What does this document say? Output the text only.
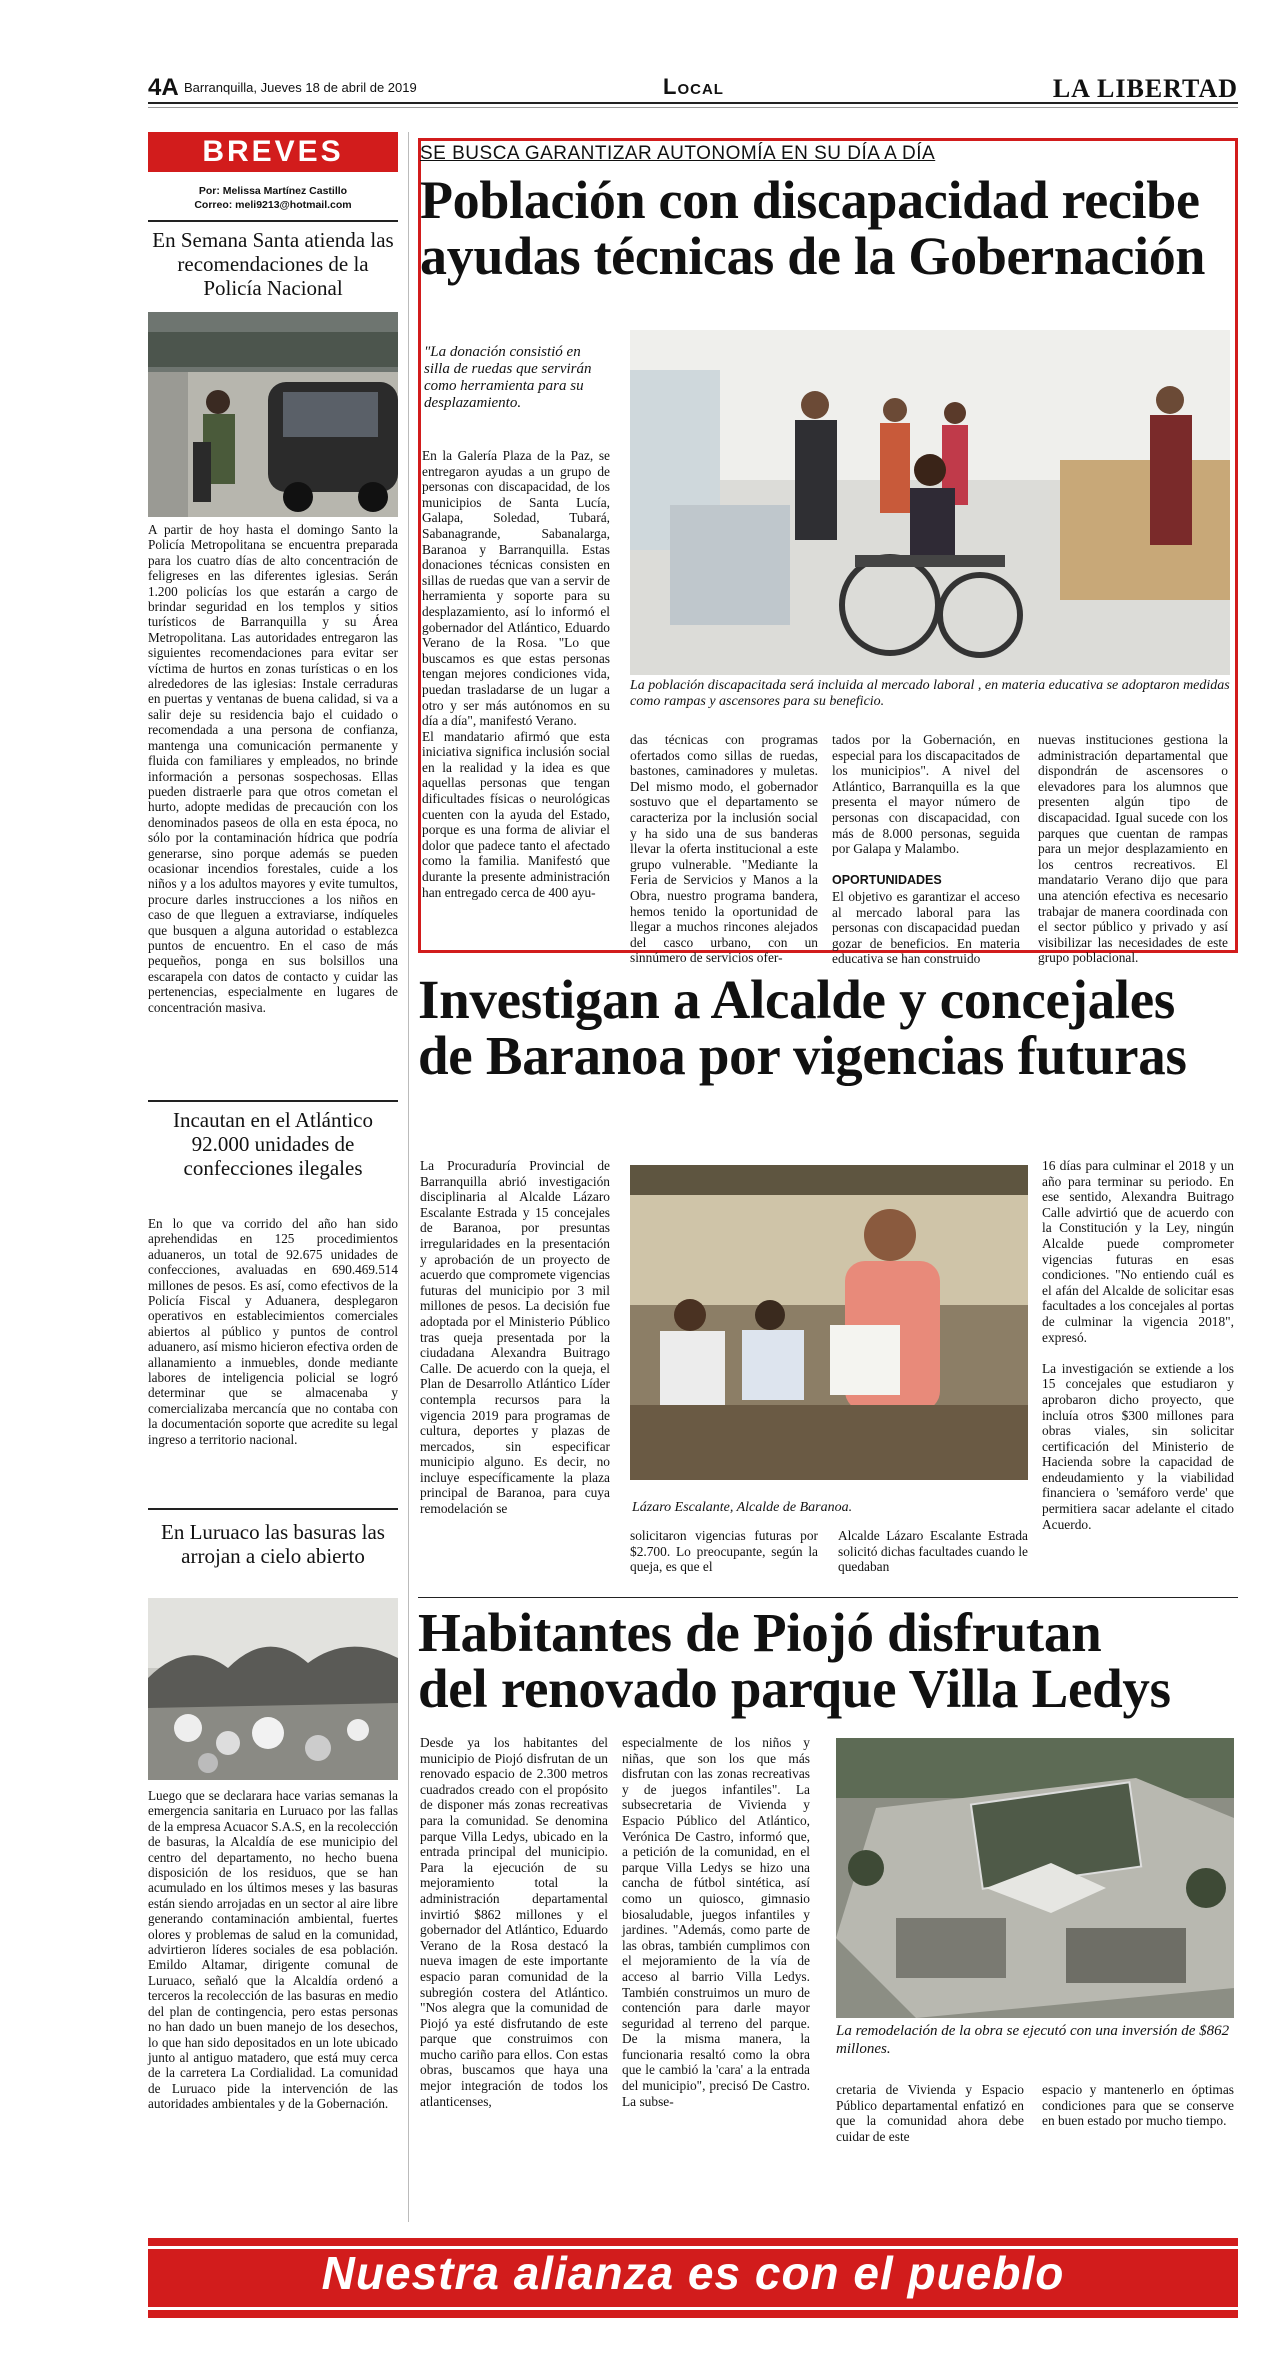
4A Barranquilla, Jueves 18 de abril de 2019	Local	LA LIBERTAD
BREVES
Por: Melissa Martínez Castillo
Correo: meli9213@hotmail.com
En Semana Santa atienda las recomendaciones de la Policía Nacional
A partir de hoy hasta el domingo Santo la Policía Metropolitana se encuentra preparada para los cuatro días de alto concentración de feligreses en las diferentes iglesias. Serán 1.200 policías los que estarán a cargo de brindar seguridad en los templos y sitios turísticos de Barranquilla y su Área Metropolitana. Las autoridades entregaron las siguientes recomendaciones para evitar ser víctima de hurtos en zonas turísticas o en los alrededores de las iglesias: Instale cerraduras en puertas y ventanas de buena calidad, si va a salir deje su residencia bajo el cuidado o recomendada a una persona de confianza, mantenga una comunicación permanente y fluida con familiares y empleados, no brinde información a personas sospechosas. Ellas pueden distraerle para que otros cometan el hurto, adopte medidas de precaución con los denominados paseos de olla en esta época, no sólo por la contaminación hídrica que podría generarse, sino porque además se pueden ocasionar incendios forestales, cuide a los niños y a los adultos mayores y evite tumultos, procure darles instrucciones a los niños en caso de que lleguen a extraviarse, indíqueles que busquen a alguna autoridad o establezca puntos de encuentro. En el caso de más pequeños, ponga en sus bolsillos una escarapela con datos de contacto y cuidar las pertenencias, especialmente en lugares de concentración masiva.
Incautan en el Atlántico 92.000 unidades de confecciones ilegales
En lo que va corrido del año han sido aprehendidas en 125 procedimientos aduaneros, un total de 92.675 unidades de confecciones, avaluadas en 690.469.514 millones de pesos. Es así, como efectivos de la Policía Fiscal y Aduanera, desplegaron operativos en establecimientos comerciales abiertos al público y puntos de control aduanero, así mismo hicieron efectiva orden de allanamiento a inmuebles, donde mediante labores de inteligencia policial se logró determinar que se almacenaba y comercializaba mercancía que no contaba con la documentación soporte que acredite su legal ingreso a territorio nacional.
En Luruaco las basuras las arrojan a cielo abierto
Luego que se declarara hace varias semanas la emergencia sanitaria en Luruaco por las fallas de la empresa Acuacor S.A.S, en la recolección de basuras, la Alcaldía de ese municipio del centro del departamento, no hecho buena disposición de los residuos, que se han acumulado en los últimos meses y las basuras están siendo arrojadas en un sector al aire libre generando contaminación ambiental, fuertes olores y problemas de salud en la comunidad, advirtieron líderes sociales de esa población. Emildo Altamar, dirigente comunal de Luruaco, señaló que la Alcaldía ordenó a terceros la recolección de las basuras en medio del plan de contingencia, pero estas personas no han dado un buen manejo de los desechos, lo que han sido depositados en un lote ubicado junto al antiguo matadero, que está muy cerca de la carretera La Cordialidad. La comunidad de Luruaco pide la intervención de las autoridades ambientales y de la Gobernación.
SE BUSCA GARANTIZAR AUTONOMÍA EN SU DÍA A DÍA
Población con discapacidad recibe
ayudas técnicas de la Gobernación
"La donación consistió en silla de ruedas que servirán como herramienta para su desplazamiento.
La población discapacitada será incluida al mercado laboral , en materia educativa se adoptaron medidas como rampas y ascensores para su beneficio.
En la Galería Plaza de la Paz, se entregaron ayudas a un grupo de personas con discapacidad, de los municipios de Santa Lucía, Galapa, Soledad, Tubará, Sabanagrande, Sabanalarga, Baranoa y Barranquilla. Estas donaciones técnicas consisten en sillas de ruedas que van a servir de herramienta y soporte para su desplazamiento, así lo informó el gobernador del Atlántico, Eduardo Verano de la Rosa. "Lo que buscamos es que estas personas tengan mejores condiciones vida, puedan trasladarse de un lugar a otro y ser más autónomos en su día a día", manifestó Verano.
El mandatario afirmó que esta iniciativa significa inclusión social en la realidad y la idea es que aquellas personas que tengan dificultades físicas o neurológicas cuenten con la ayuda del Estado, porque es una forma de aliviar el dolor que padece tanto el afectado como la familia. Manifestó que durante la presente administración han entregado cerca de 400 ayu-
das técnicas con programas ofertados como sillas de ruedas, bastones, caminadores y muletas. Del mismo modo, el gobernador sostuvo que el departamento se caracteriza por la inclusión social y ha sido una de sus banderas llevar la oferta institucional a este grupo vulnerable. "Mediante la Feria de Servicios y Manos a la Obra, nuestro programa bandera, hemos tenido la oportunidad de llegar a muchos rincones alejados del casco urbano, con un sinnúmero de servicios ofer-
tados por la Gobernación, en especial para los discapacitados de los municipios". A nivel del Atlántico, Barranquilla es la que presenta el mayor número de personas con discapacidad, con más de 8.000 personas, seguida por Galapa y Malambo.

OPORTUNIDADES
El objetivo es garantizar el acceso al mercado laboral para las personas con discapacidad puedan gozar de beneficios. En materia educativa se han construido
nuevas instituciones gestiona la administración departamental que dispondrán de ascensores o elevadores para los alumnos que presenten algún tipo de discapacidad. Igual sucede con los parques que cuentan de rampas para un mejor desplazamiento en los centros recreativos. El mandatario Verano dijo que para una atención efectiva es necesario trabajar de manera coordinada con el sector público y privado y así visibilizar las necesidades de este grupo poblacional.
Investigan a Alcalde y concejales
de Baranoa por vigencias futuras
La Procuraduría Provincial de Barranquilla abrió investigación disciplinaria al Alcalde Lázaro Escalante Estrada y 15 concejales de Baranoa, por presuntas irregularidades en la presentación y aprobación de un proyecto de acuerdo que compromete vigencias futuras del municipio por 3 mil millones de pesos. La decisión fue adoptada por el Ministerio Público tras queja presentada por la ciudadana Alexandra Buitrago Calle. De acuerdo con la queja, el Plan de Desarrollo Atlántico Líder contempla recursos para la vigencia 2019 para programas de cultura, deportes y plazas de mercados, sin especificar municipio alguno. Es decir, no incluye específicamente la plaza principal de Baranoa, para cuya remodelación se	Lázaro Escalante, Alcalde de Baranoa.
solicitaron vigencias futuras por $2.700. Lo preocupante, según la queja, es que el
Alcalde Lázaro Escalante Estrada solicitó dichas facultades cuando le quedaban
16 días para culminar el 2018 y un año para terminar su periodo. En ese sentido, Alexandra Buitrago Calle advirtió que de acuerdo con la Constitución y la Ley, ningún Alcalde puede comprometer vigencias futuras en esas condiciones. "No entiendo cuál es el afán del Alcalde de solicitar esas facultades a los concejales al portas de culminar la vigencia 2018", expresó.

La investigación se extiende a los 15 concejales que estudiaron y aprobaron dicho proyecto, que incluía otros $300 millones para obras viales, sin solicitar certificación del Ministerio de Hacienda sobre la capacidad de endeudamiento y la viabilidad financiera o 'semáforo verde' que permitiera sacar adelante el citado Acuerdo.
Habitantes de Piojó disfrutan
del renovado parque Villa Ledys
Desde ya los habitantes del municipio de Piojó disfrutan de un renovado espacio de 2.300 metros cuadrados creado con el propósito de disponer más zonas recreativas para la comunidad. Se denomina parque Villa Ledys, ubicado en la entrada principal del municipio. Para la ejecución de su mejoramiento total la administración departamental invirtió $862 millones y el gobernador del Atlántico, Eduardo Verano de la Rosa destacó la nueva imagen de este importante espacio paran comunidad de la subregión costera del Atlántico. "Nos alegra que la comunidad de Piojó ya esté disfrutando de este parque que construimos con mucho cariño para ellos. Con estas obras, buscamos que haya una mejor integración de todos los atlanticenses,
especialmente de los niños y niñas, que son los que más disfrutan con las zonas recreativas y de juegos infantiles". La subsecretaria de Vivienda y Espacio Público del Atlántico, Verónica De Castro, informó que, a petición de la comunidad, en el parque Villa Ledys se hizo una cancha de fútbol sintética, así como un quiosco, gimnasio biosaludable, juegos infantiles y jardines. "Además, como parte de las obras, también cumplimos con el mejoramiento de la vía de acceso al barrio Villa Ledys. También construimos un muro de contención para darle mayor seguridad al terreno del parque. De la misma manera, la funcionaria resaltó como la obra que le cambió la 'cara' a la entrada del municipio", precisó De Castro. La subse-
La remodelación de la obra se ejecutó con una inversión de $862 millones.
cretaria de Vivienda y Espacio Público departamental enfatizó en que la comunidad ahora debe cuidar de este
espacio y mantenerlo en óptimas condiciones para que se conserve en buen estado por mucho tiempo.
Nuestra alianza es con el pueblo
